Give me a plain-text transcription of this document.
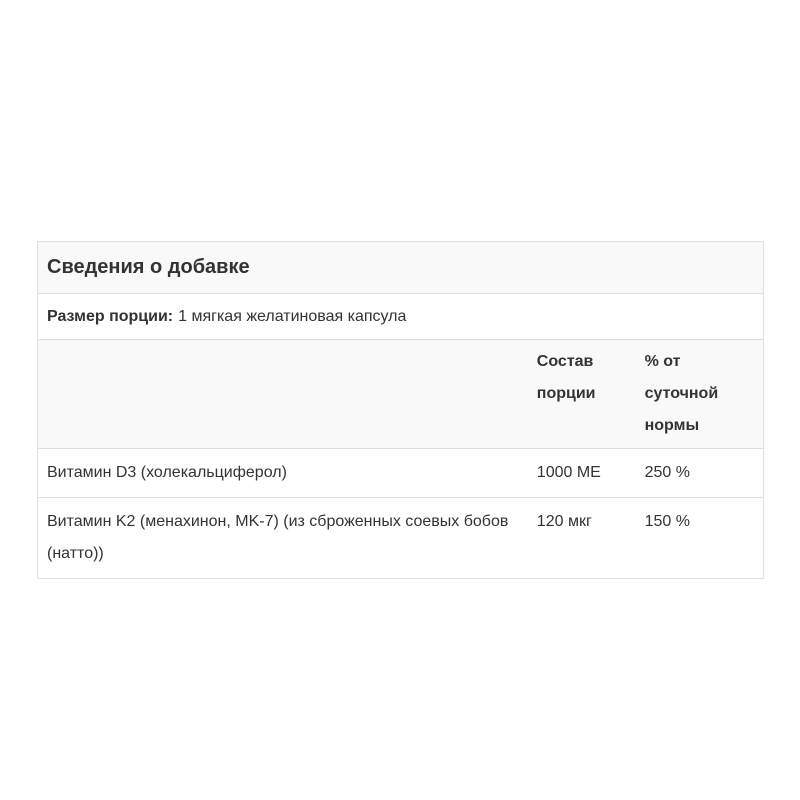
Сведения о добавке
Размер порции: 1 мягкая желатиновая капсула
	Состав порции	% от суточной нормы
Витамин D3 (холекальциферол)	1000 МЕ	250 %
Витамин K2 (менахинон, MK-7) (из сброженных соевых бобов (натто))	120 мкг	150 %
